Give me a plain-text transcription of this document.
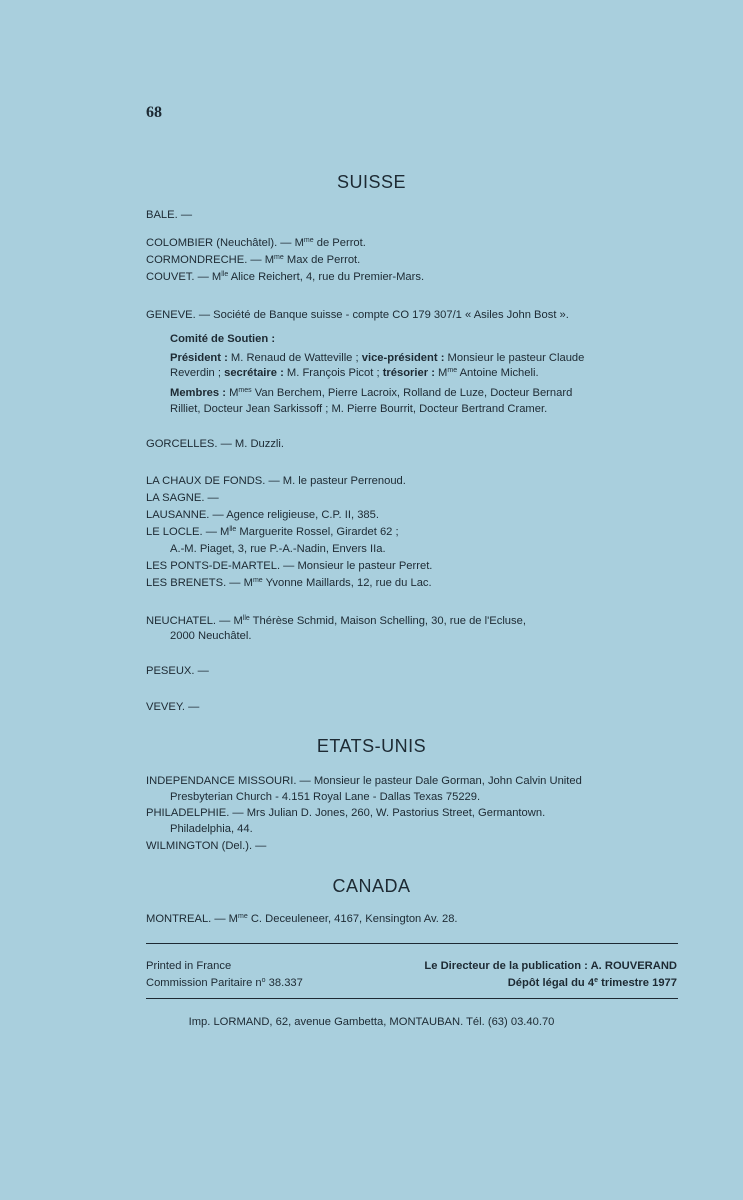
68
SUISSE
BALE. —
COLOMBIER (Neuchâtel). — $M^{me}$ de Perrot.
CORMONDRECHE. — $M^{me}$ Max de Perrot.
COUVET. — $M^{lle}$ Alice Reichert, 4, rue du Premier-Mars.
GENEVE. — Société de Banque suisse - compte CO 179 307/1 « Asiles John Bost ».
Comité de Soutien :
Président : M. Renaud de Watteville ; vice-président : Monsieur le pasteur Claude
Reverdin ; secrétaire : M. François Picot ; trésorier : $M^{me}$ Antoine Micheli.
Membres : $M^{mes}$ Van Berchem, Pierre Lacroix, Rolland de Luze, Docteur Bernard
Rilliet, Docteur Jean Sarkissoff ; M. Pierre Bourrit, Docteur Bertrand Cramer.
GORCELLES. — M. Duzzli.
LA CHAUX DE FONDS. — M. le pasteur Perrenoud.
LA SAGNE. —
LAUSANNE. — Agence religieuse, C.P. II, 385.
LE LOCLE. — $M^{lle}$ Marguerite Rossel, Girardet 62 ;
A.-M. Piaget, 3, rue P.-A.-Nadin, Envers IIa.
LES PONTS-DE-MARTEL. — Monsieur le pasteur Perret.
LES BRENETS. — $M^{me}$ Yvonne Maillards, 12, rue du Lac.
NEUCHATEL. — $M^{lle}$ Thérèse Schmid, Maison Schelling, 30, rue de l'Ecluse,
2000 Neuchâtel.
PESEUX. —
VEVEY. —
ETATS-UNIS
INDEPENDANCE MISSOURI. — Monsieur le pasteur Dale Gorman, John Calvin United
Presbyterian Church - 4.151 Royal Lane - Dallas Texas 75229.
PHILADELPHIE. — Mrs Julian D. Jones, 260, W. Pastorius Street, Germantown.
Philadelphia, 44.
WILMINGTON (Del.). —
CANADA
MONTREAL. — $M^{me}$ C. Deceuleneer, 4167, Kensington Av. 28.
Printed in France
Commission Paritaire $n^o$ 38.337
Le Directeur de la publication : A. ROUVERAND
Dépôt légal du 4e trimestre 1977
Imp. LORMAND, 62, avenue Gambetta, MONTAUBAN. Tél. (63) 03.40.70
